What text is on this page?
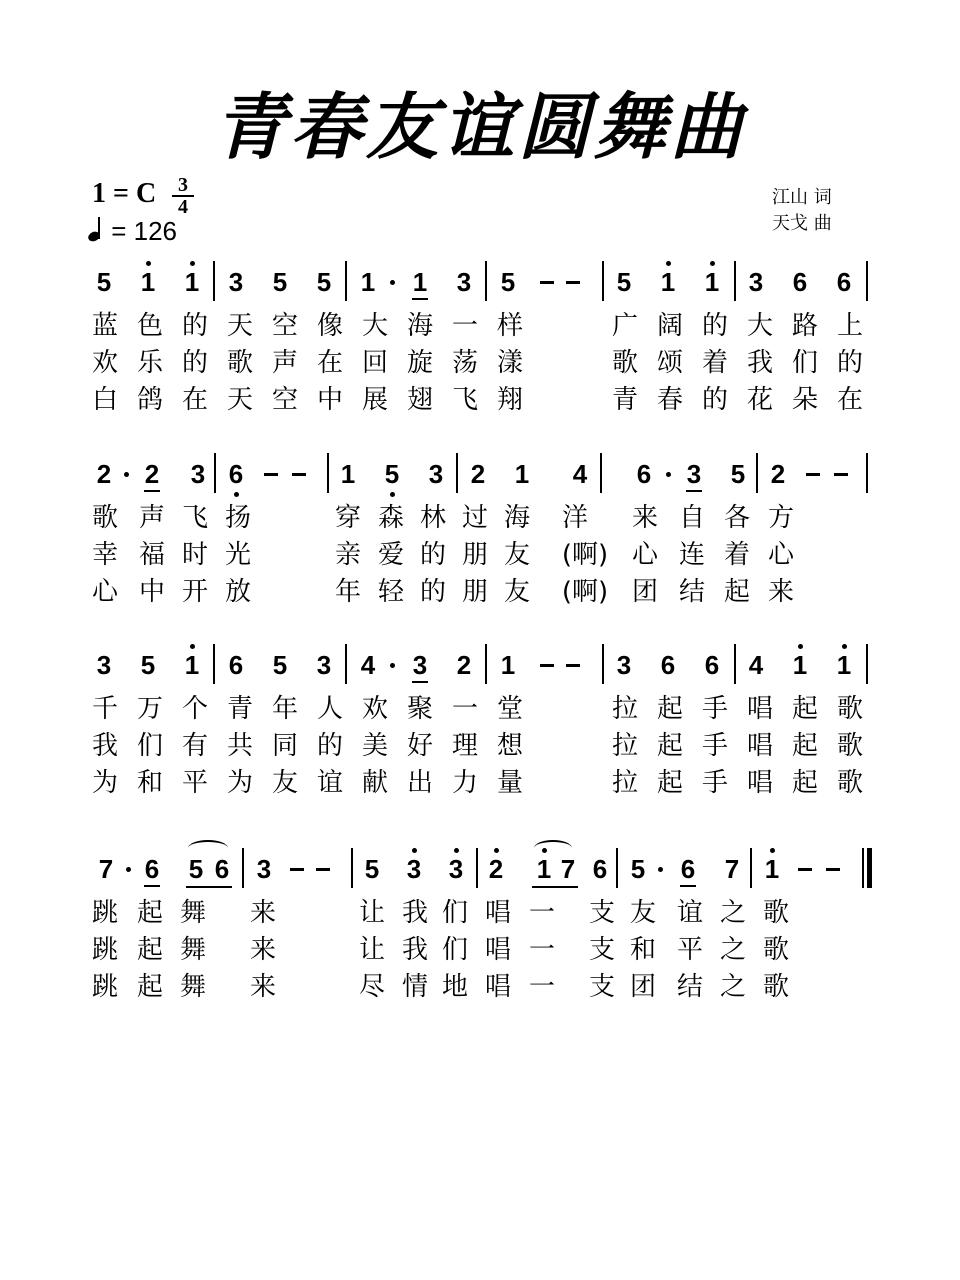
青春友谊圆舞曲
1 = C	3
4
= 126
江山 词
天戈 曲
5 1 1 3 5 5 1 1 3 5	5 1 1 3 6 6
蓝 色 的 天 空 像 大 海 一 样	广 阔 的 大 路 上
欢 乐 的 歌 声 在 回 旋 荡 漾	歌 颂 着 我 们 的
白 鸽 在 天 空 中 展 翅 飞 翔	青 春 的 花 朵 在
2 2 3 6	1 5 3 2 1 4 6 3 5 2
歌 声 飞 扬	穿 森 林 过 海 洋 来 自 各 方
幸 福 时 光	亲 爱 的 朋 友	(啊) 心 连 着 心
心 中 开 放	年 轻 的 朋 友	(啊) 团 结 起 来
3 5 1 6 5 3 4 3 2 1	3 6 6 4 1 1
千 万 个 青 年 人 欢 聚 一 堂	拉 起 手 唱 起 歌
我 们 有 共 同 的 美 好 理 想	拉 起 手 唱 起 歌
为 和 平 为 友 谊 献 出 力 量	拉 起 手 唱 起 歌
7 6 5 6 3	5 3 3 2 1 7 6 5 6 7 1
跳 起 舞 来	让 我 们 唱 一 支 友 谊 之 歌
跳 起 舞 来	让 我 们 唱 一 支 和 平 之 歌
跳 起 舞 来	尽 情 地 唱 一 支 团 结 之 歌
